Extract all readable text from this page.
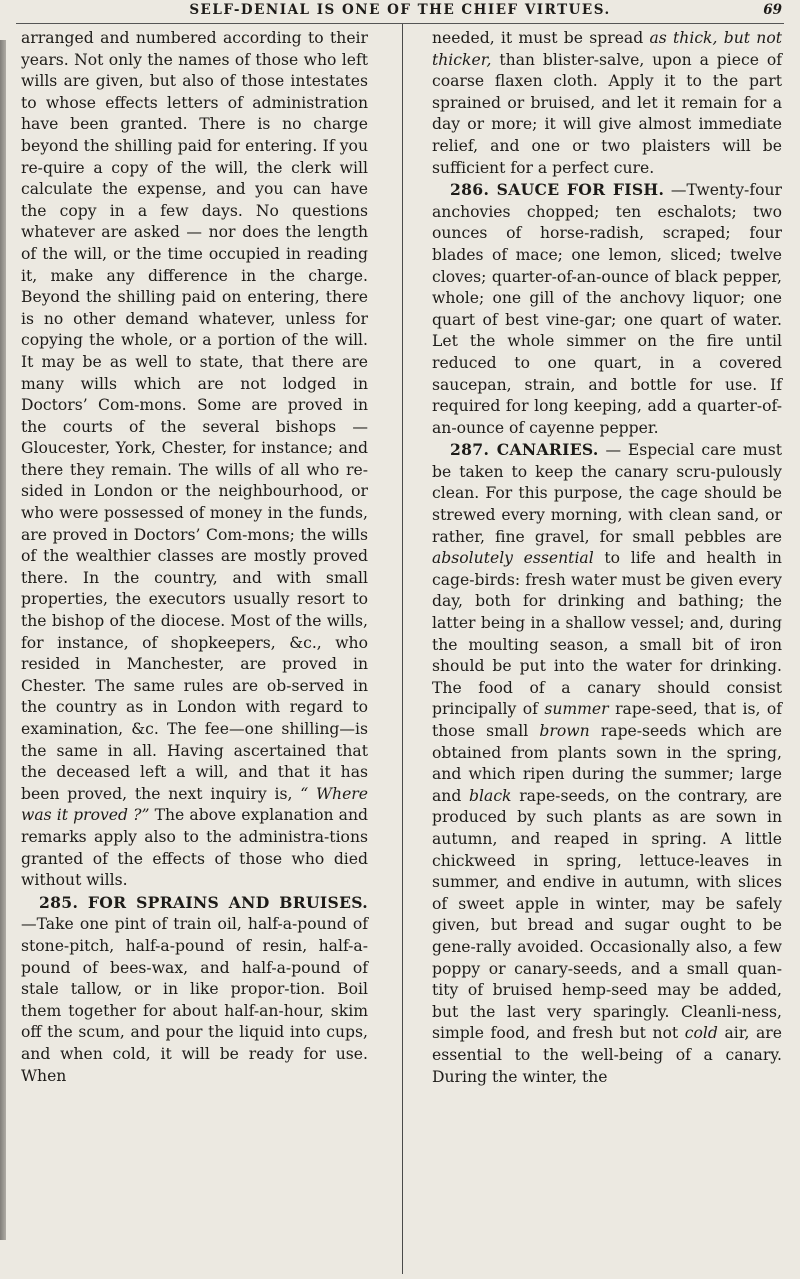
SELF-DENIAL IS ONE OF THE CHIEF VIRTUES.	69

arranged and numbered according to their years. Not only the names of those who left wills are given, but also of those intestates to whose effects letters of administration have been granted. There is no charge beyond the shilling paid for entering. If you re-quire a copy of the will, the clerk will calculate the expense, and you can have the copy in a few days. No questions whatever are asked — nor does the length of the will, or the time occupied in reading it, make any difference in the charge. Beyond the shilling paid on entering, there is no other demand whatever, unless for copying the whole, or a portion of the will. It may be as well to state, that there are many wills which are not lodged in Doctors’ Com-mons. Some are proved in the courts of the several bishops — Gloucester, York, Chester, for instance; and there they remain. The wills of all who re-sided in London or the neighbourhood, or who were possessed of money in the funds, are proved in Doctors’ Com-mons; the wills of the wealthier classes are mostly proved there. In the country, and with small properties, the executors usually resort to the bishop of the diocese. Most of the wills, for instance, of shopkeepers, &c., who resided in Manchester, are proved in Chester. The same rules are ob-served in the country as in London with regard to examination, &c. The fee—one shilling—is the same in all. Having ascertained that the deceased left a will, and that it has been proved, the next inquiry is, “ Where was it proved ?” The above explanation and remarks apply also to the administra-tions granted of the effects of those who died without wills.

285. FOR SPRAINS AND BRUISES. —Take one pint of train oil, half-a-pound of stone-pitch, half-a-pound of resin, half-a-pound of bees-wax, and half-a-pound of stale tallow, or in like propor-tion. Boil them together for about half-an-hour, skim off the scum, and pour the liquid into cups, and when cold, it will be ready for use. When

needed, it must be spread as thick, but not thicker, than blister-salve, upon a piece of coarse flaxen cloth. Apply it to the part sprained or bruised, and let it remain for a day or more; it will give almost immediate relief, and one or two plaisters will be sufficient for a perfect cure.

286. SAUCE FOR FISH. —Twenty-four anchovies chopped; ten eschalots; two ounces of horse-radish, scraped; four blades of mace; one lemon, sliced; twelve cloves; quarter-of-an-ounce of black pepper, whole; one gill of the anchovy liquor; one quart of best vine-gar; one quart of water. Let the whole simmer on the fire until reduced to one quart, in a covered saucepan, strain, and bottle for use. If required for long keeping, add a quarter-of-an-ounce of cayenne pepper.

287. CANARIES. — Especial care must be taken to keep the canary scru-pulously clean. For this purpose, the cage should be strewed every morning, with clean sand, or rather, fine gravel, for small pebbles are absolutely essential to life and health in cage-birds: fresh water must be given every day, both for drinking and bathing; the latter being in a shallow vessel; and, during the moulting season, a small bit of iron should be put into the water for drinking. The food of a canary should consist principally of summer rape-seed, that is, of those small brown rape-seeds which are obtained from plants sown in the spring, and which ripen during the summer; large and black rape-seeds, on the contrary, are produced by such plants as are sown in autumn, and reaped in spring. A little chickweed in spring, lettuce-leaves in summer, and endive in autumn, with slices of sweet apple in winter, may be safely given, but bread and sugar ought to be gene-rally avoided. Occasionally also, a few poppy or canary-seeds, and a small quan-tity of bruised hemp-seed may be added, but the last very sparingly. Cleanli-ness, simple food, and fresh but not cold air, are essential to the well-being of a canary. During the winter, the
